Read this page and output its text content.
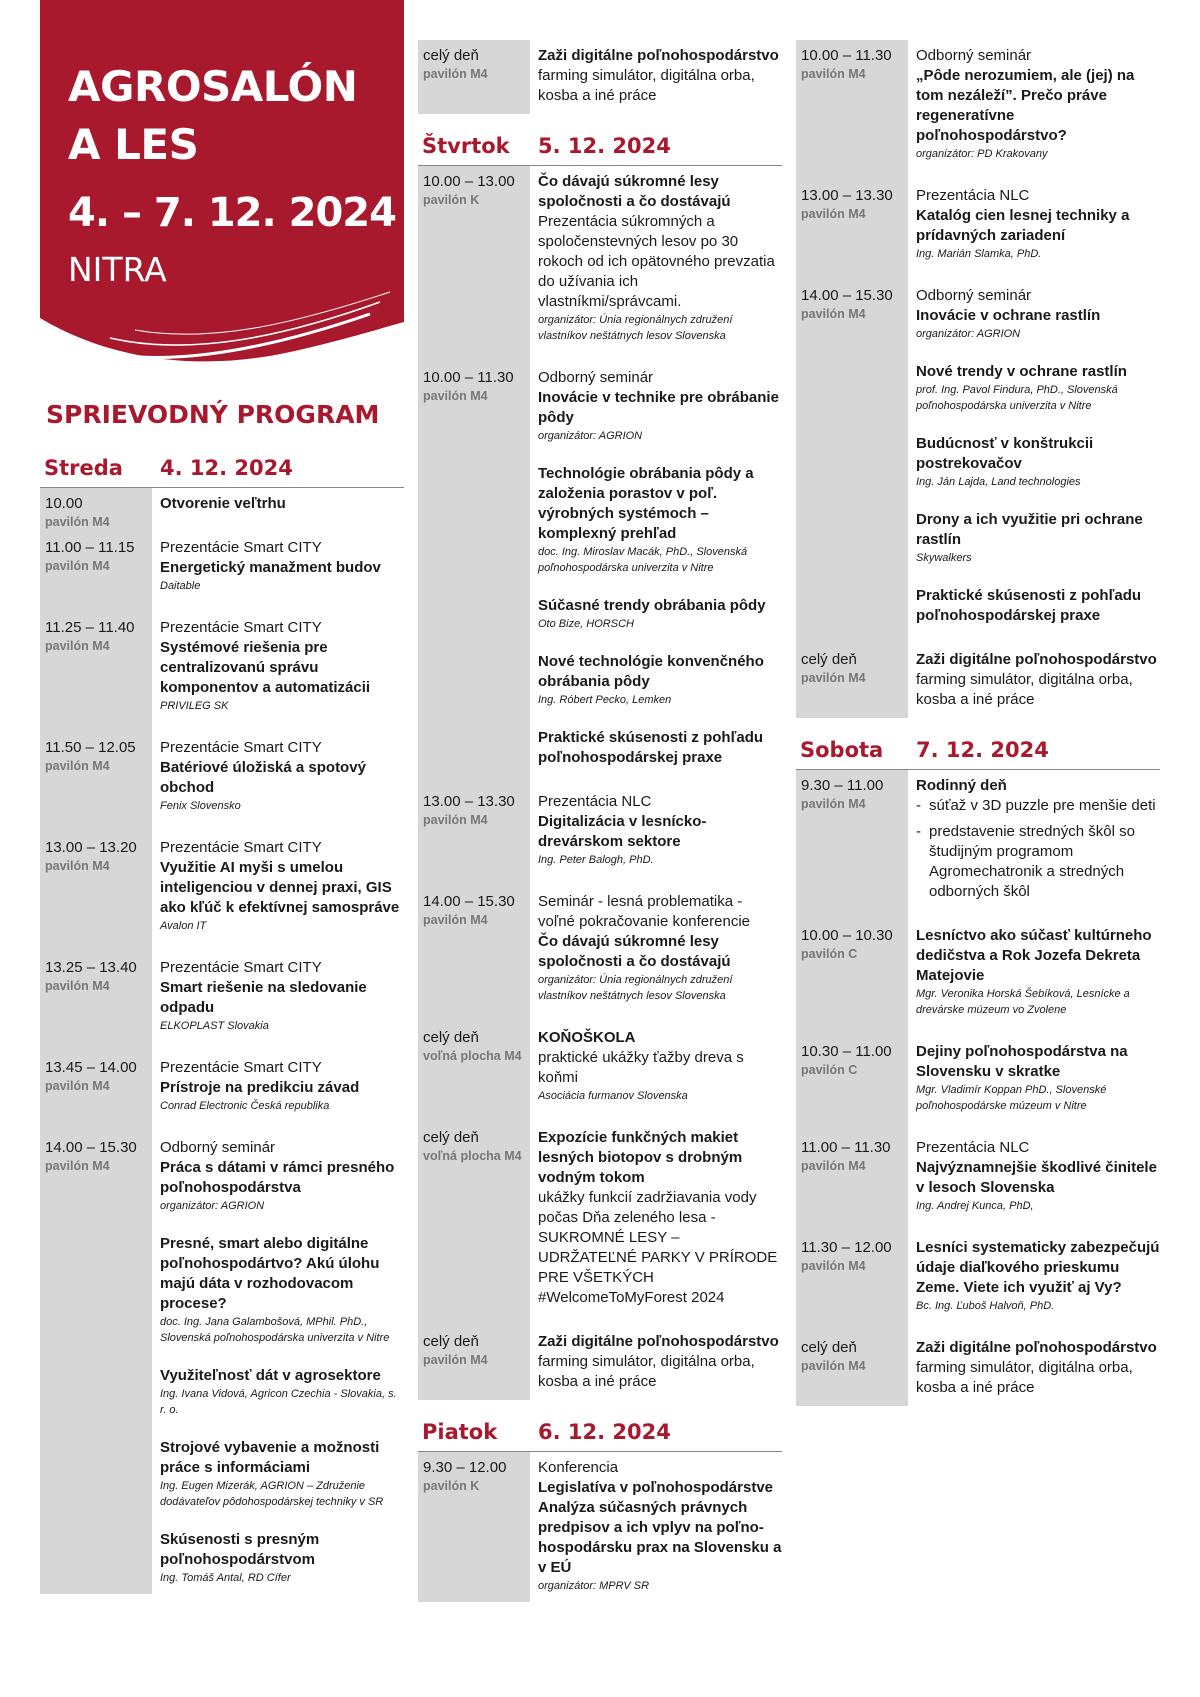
AGROSALÓN
A LES
4. – 7. 12. 2024
NITRA
SPRIEVODNÝ PROGRAM
Streda 4. 12. 2024
10.00
pavilón M4
Otvorenie veľtrhu
11.00 – 11.15
pavilón M4
Prezentácie Smart CITY
Energetický manažment budov
Daitable
11.25 – 11.40
pavilón M4
Prezentácie Smart CITY
Systémové riešenia pre centralizovanú správu komponentov a automatizácii
PRIVILEG SK
11.50 – 12.05
pavilón M4
Prezentácie Smart CITY
Batériové úložiská a spotový obchod
Fenix Slovensko
13.00 – 13.20
pavilón M4
Prezentácie Smart CITY
Využitie AI myši s umelou inteligenciou v dennej praxi, GIS ako kľúč k efektívnej samospráve
Avalon IT
13.25 – 13.40
pavilón M4
Prezentácie Smart CITY
Smart riešenie na sledovanie odpadu
ELKOPLAST Slovakia
13.45 – 14.00
pavilón M4
Prezentácie Smart CITY
Prístroje na predikciu závad
Conrad Electronic Česká republika
14.00 – 15.30
pavilón M4
Odborný seminár
Práca s dátami v rámci presného poľnohospodárstva
organizátor: AGRION
Presné, smart alebo digitálne poľnohospodártvo? Akú úlohu majú dáta v rozhodovacom procese?
doc. Ing. Jana Galambošová, MPhil. PhD., Slovenská poľnohospodárska univerzita v Nitre
Využiteľnosť dát v agrosektore
Ing. Ivana Vidová, Agricon Czechia - Slovakia, s. r. o.
Strojové vybavenie a možnosti práce s informáciami
Ing. Eugen Mizerák, AGRION – Združenie dodávateľov pôdohospodárskej techniky v SR
Skúsenosti s presným poľnohospodárstvom
Ing. Tomáš Antal, RD Cífer
celý deň
pavilón M4
Zaži digitálne poľnohospodárstvo
farming simulátor, digitálna orba, kosba a iné práce
Štvrtok 5. 12. 2024
10.00 – 13.00
pavilón K
Čo dávajú súkromné lesy spoločnosti a čo dostávajú
Prezentácia súkromných a spoločenstevných lesov po 30 rokoch od ich opätovného prevzatia do užívania ich vlastníkmi/správcami.
organizátor: Únia regionálnych združení vlastníkov neštátnych lesov Slovenska
10.00 – 11.30
pavilón M4
Odborný seminár
Inovácie v technike pre obrábanie pôdy
organizátor: AGRION
Technológie obrábania pôdy a založenia porastov v poľ. výrobných systémoch – komplexný prehľad
doc. Ing. Miroslav Macák, PhD., Slovenská poľnohospodárska univerzita v Nitre
Súčasné trendy obrábania pôdy
Oto Bize, HORSCH
Nové technológie konvenčného obrábania pôdy
Ing. Róbert Pecko, Lemken
Praktické skúsenosti z pohľadu poľnohospodárskej praxe
13.00 – 13.30
pavilón M4
Prezentácia NLC
Digitalizácia v lesnícko-drevárskom sektore
Ing. Peter Balogh, PhD.
14.00 – 15.30
pavilón M4
Seminár - lesná problematika - voľné pokračovanie konferencie
Čo dávajú súkromné lesy spoločnosti a čo dostávajú
organizátor: Únia regionálnych združení vlastníkov neštátnych lesov Slovenska
celý deň
voľná plocha M4
KOŇOŠKOLA
praktické ukážky ťažby dreva s koňmi
Asociácia furmanov Slovenska
celý deň
voľná plocha M4
Expozície funkčných makiet lesných biotopov s drobným vodným tokom
ukážky funkcií zadržiavania vody počas Dňa zeleného lesa - SUKROMNÉ LESY – UDRŽATEĽNÉ PARKY V PRÍRODE PRE VŠETKÝCH #WelcomeToMyForest 2024
celý deň
pavilón M4
Zaži digitálne poľnohospodárstvo
farming simulátor, digitálna orba, kosba a iné práce
Piatok 6. 12. 2024
9.30 – 12.00
pavilón K
Konferencia
Legislatíva v poľnohospodárstve Analýza súčasných právnych predpisov a ich vplyv na poľno-hospodársku prax na Slovensku a v EÚ
organizátor: MPRV SR
10.00 – 11.30
pavilón M4
Odborný seminár
„Pôde nerozumiem, ale (jej) na tom nezáleží”. Prečo práve regeneratívne poľnohospodárstvo?
organizátor: PD Krakovany
13.00 – 13.30
pavilón M4
Prezentácia NLC
Katalóg cien lesnej techniky a prídavných zariadení
Ing. Marián Slamka, PhD.
14.00 – 15.30
pavilón M4
Odborný seminár
Inovácie v ochrane rastlín
organizátor: AGRION
Nové trendy v ochrane rastlín
prof. Ing. Pavol Findura, PhD., Slovenská poľnohospodárska univerzita v Nitre
Budúcnosť v konštrukcii postrekovačov
Ing. Ján Lajda, Land technologies
Drony a ich využitie pri ochrane rastlín
Skywalkers
Praktické skúsenosti z pohľadu poľnohospodárskej praxe
celý deň
pavilón M4
Zaži digitálne poľnohospodárstvo
farming simulátor, digitálna orba, kosba a iné práce
Sobota 7. 12. 2024
9.30 – 11.00
pavilón M4
Rodinný deň
- súťaž v 3D puzzle pre menšie deti
- predstavenie stredných škôl so študijným programom Agromechatronik a stredných odborných škôl
10.00 – 10.30
pavilón C
Lesníctvo ako súčasť kultúrneho dedičstva a Rok Jozefa Dekreta Matejovie
Mgr. Veronika Horská Šebíková, Lesnícke a drevárske múzeum vo Zvolene
10.30 – 11.00
pavilón C
Dejiny poľnohospodárstva na Slovensku v skratke
Mgr. Vladimír Koppan PhD., Slovenské poľnohospodárske múzeum v Nitre
11.00 – 11.30
pavilón M4
Prezentácia NLC
Najvýznamnejšie škodlivé činitele v lesoch Slovenska
Ing. Andrej Kunca, PhD,
11.30 – 12.00
pavilón M4
Lesníci systematicky zabezpečujú údaje diaľkového prieskumu Zeme. Viete ich využiť aj Vy?
Bc. Ing. Ľuboš Halvoň, PhD.
celý deň
pavilón M4
Zaži digitálne poľnohospodárstvo
farming simulátor, digitálna orba, kosba a iné práce
